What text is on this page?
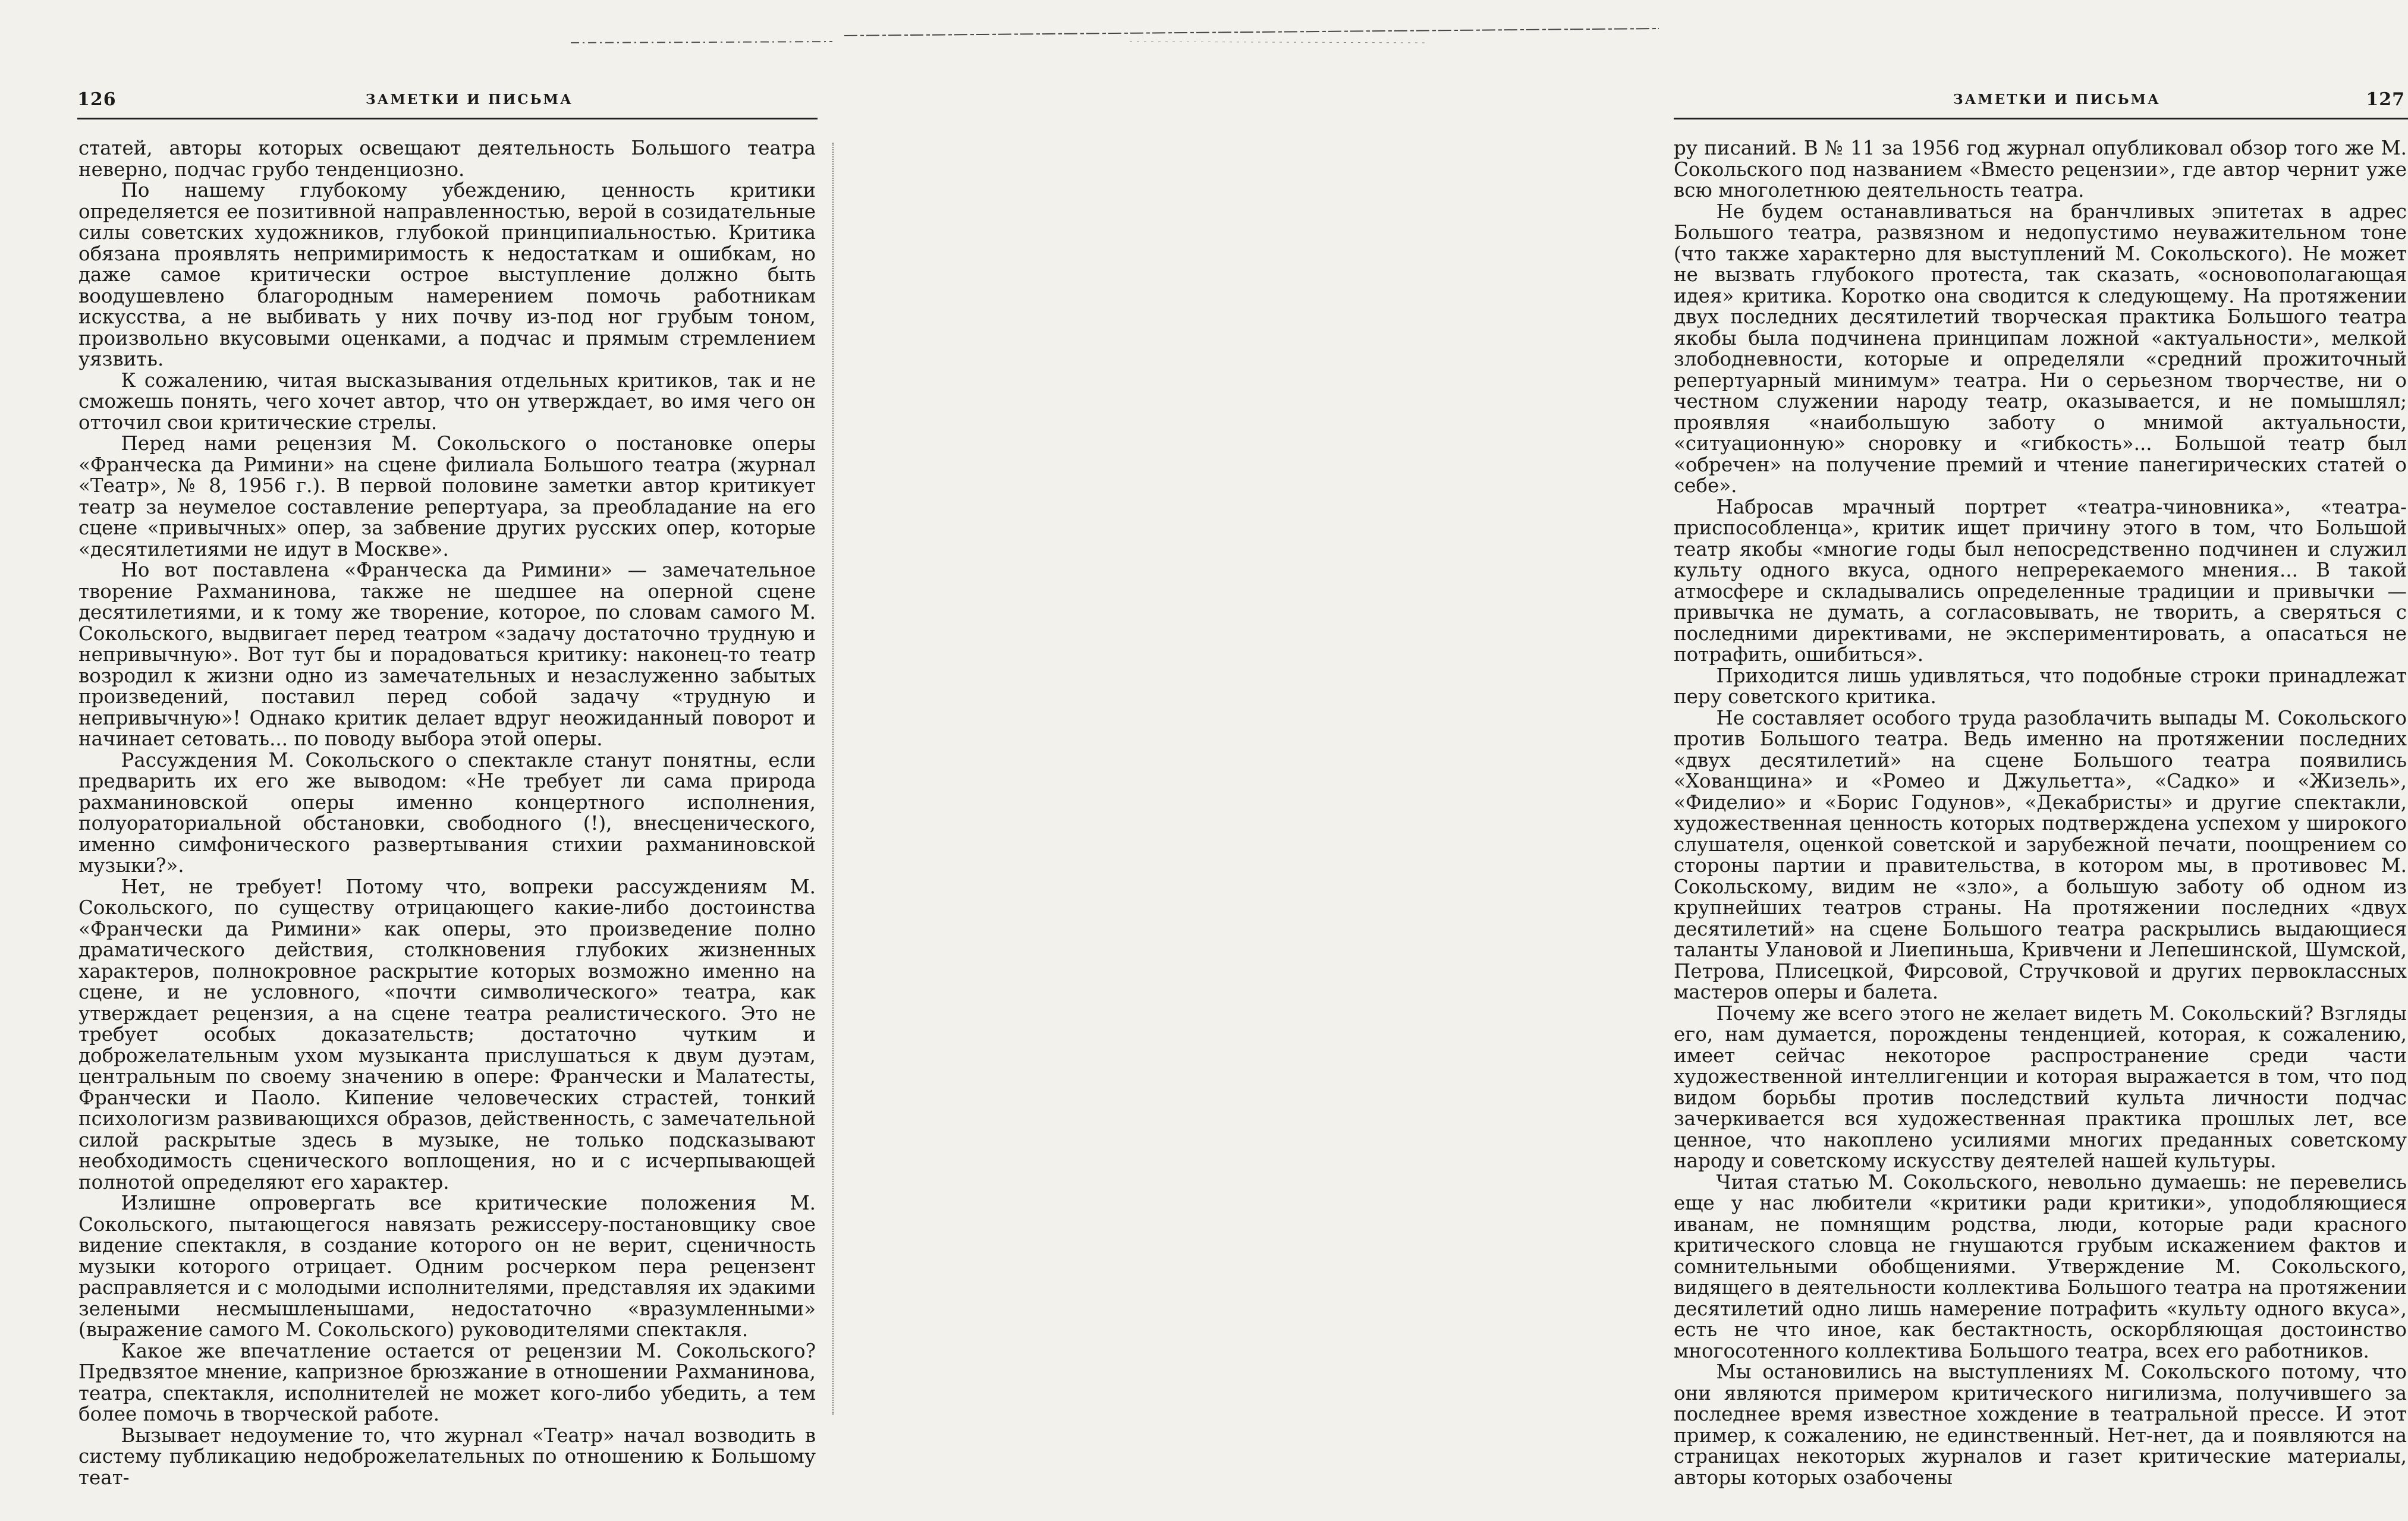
126	ЗАМЕТКИ И ПИСЬМА

статей, авторы которых освещают деятельность Большого театра неверно, подчас грубо тенденциозно.

По нашему глубокому убеждению, ценность критики определяется ее позитивной направленностью, верой в созидательные силы советских художников, глубокой принципиальностью. Критика обязана проявлять непримиримость к недостаткам и ошибкам, но даже самое критически острое выступление должно быть воодушевлено благородным намерением помочь работникам искусства, а не выбивать у них почву из-под ног грубым тоном, произвольно вкусовыми оценками, а подчас и прямым стремлением уязвить.

К сожалению, читая высказывания отдельных критиков, так и не сможешь понять, чего хочет автор, что он утверждает, во имя чего он отточил свои критические стрелы.

Перед нами рецензия М. Сокольского о постановке оперы «Франческа да Римини» на сцене филиала Большого театра (журнал «Театр», № 8, 1956 г.). В первой половине заметки автор критикует театр за неумелое составление репертуара, за преобладание на его сцене «привычных» опер, за забвение других русских опер, которые «десятилетиями не идут в Москве».

Но вот поставлена «Франческа да Римини» — замечательное творение Рахманинова, также не шедшее на оперной сцене десятилетиями, и к тому же творение, которое, по словам самого М. Сокольского, выдвигает перед театром «задачу достаточно трудную и непривычную». Вот тут бы и порадоваться критику: наконец-то театр возродил к жизни одно из замечательных и незаслуженно забытых произведений, поставил перед собой задачу «трудную и непривычную»! Однако критик делает вдруг неожиданный поворот и начинает сетовать... по поводу выбора этой оперы.

Рассуждения М. Сокольского о спектакле станут понятны, если предварить их его же выводом: «Не требует ли сама природа рахманиновской оперы именно концертного исполнения, полуораториальной обстановки, свободного (!), внесценического, именно симфонического развертывания стихии рахманиновской музыки?».

Нет, не требует! Потому что, вопреки рассуждениям М. Сокольского, по существу отрицающего какие-либо достоинства «Франчески да Римини» как оперы, это произведение полно драматического действия, столкновения глубоких жизненных характеров, полнокровное раскрытие которых возможно именно на сцене, и не условного, «почти символического» театра, как утверждает рецензия, а на сцене театра реалистического. Это не требует особых доказательств; достаточно чутким и доброжелательным ухом музыканта прислушаться к двум дуэтам, центральным по своему значению в опере: Франчески и Малатесты, Франчески и Паоло. Кипение человеческих страстей, тонкий психологизм развивающихся образов, действенность, с замечательной силой раскрытые здесь в музыке, не только подсказывают необходимость сценического воплощения, но и с исчерпывающей полнотой определяют его характер.

Излишне опровергать все критические положения М. Сокольского, пытающегося навязать режиссеру-постановщику свое видение спектакля, в создание которого он не верит, сценичность музыки которого отрицает. Одним росчерком пера рецензент расправляется и с молодыми исполнителями, представляя их эдакими зелеными несмышленышами, недостаточно «вразумленными» (выражение самого М. Сокольского) руководителями спектакля.

Какое же впечатление остается от рецензии М. Сокольского? Предвзятое мнение, капризное брюзжание в отношении Рахманинова, театра, спектакля, исполнителей не может кого-либо убедить, а тем более помочь в творческой работе.

Вызывает недоумение то, что журнал «Театр» начал возводить в систему публикацию недоброжелательных по отношению к Большому теат-

ЗАМЕТКИ И ПИСЬМА	127

ру писаний. В № 11 за 1956 год журнал опубликовал обзор того же М. Сокольского под названием «Вместо рецензии», где автор чернит уже всю многолетнюю деятельность театра.

Не будем останавливаться на бранчливых эпитетах в адрес Большого театра, развязном и недопустимо неуважительном тоне (что также характерно для выступлений М. Сокольского). Не может не вызвать глубокого протеста, так сказать, «основополагающая идея» критика. Коротко она сводится к следующему. На протяжении двух последних десятилетий творческая практика Большого театра якобы была подчинена принципам ложной «актуальности», мелкой злободневности, которые и определяли «средний прожиточный репертуарный минимум» театра. Ни о серьезном творчестве, ни о честном служении народу театр, оказывается, и не помышлял; проявляя «наибольшую заботу о мнимой актуальности, «ситуационную» сноровку и «гибкость»... Большой театр был «обречен» на получение премий и чтение панегирических статей о себе».

Набросав мрачный портрет «театра-чиновника», «театра-приспособленца», критик ищет причину этого в том, что Большой театр якобы «многие годы был непосредственно подчинен и служил культу одного вкуса, одного непререкаемого мнения... В такой атмосфере и складывались определенные традиции и привычки — привычка не думать, а согласовывать, не творить, а сверяться с последними директивами, не экспериментировать, а опасаться не потрафить, ошибиться».

Приходится лишь удивляться, что подобные строки принадлежат перу советского критика.

Не составляет особого труда разоблачить выпады М. Сокольского против Большого театра. Ведь именно на протяжении последних «двух десятилетий» на сцене Большого театра появились «Хованщина» и «Ромео и Джульетта», «Садко» и «Жизель», «Фиделио» и «Борис Годунов», «Декабристы» и другие спектакли, художественная ценность которых подтверждена успехом у широкого слушателя, оценкой советской и зарубежной печати, поощрением со стороны партии и правительства, в котором мы, в противовес М. Сокольскому, видим не «зло», а большую заботу об одном из крупнейших театров страны. На протяжении последних «двух десятилетий» на сцене Большого театра раскрылись выдающиеся таланты Улановой и Лиепиньша, Кривчени и Лепешинской, Шумской, Петрова, Плисецкой, Фирсовой, Стручковой и других первоклассных мастеров оперы и балета.

Почему же всего этого не желает видеть М. Сокольский? Взгляды его, нам думается, порождены тенденцией, которая, к сожалению, имеет сейчас некоторое распространение среди части художественной интеллигенции и которая выражается в том, что под видом борьбы против последствий культа личности подчас зачеркивается вся художественная практика прошлых лет, все ценное, что накоплено усилиями многих преданных советскому народу и советскому искусству деятелей нашей культуры.

Читая статью М. Сокольского, невольно думаешь: не перевелись еще у нас любители «критики ради критики», уподобляющиеся иванам, не помнящим родства, люди, которые ради красного критического словца не гнушаются грубым искажением фактов и сомнительными обобщениями. Утверждение М. Сокольского, видящего в деятельности коллектива Большого театра на протяжении десятилетий одно лишь намерение потрафить «культу одного вкуса», есть не что иное, как бестактность, оскорбляющая достоинство многосотенного коллектива Большого театра, всех его работников.

Мы остановились на выступлениях М. Сокольского потому, что они являются примером критического нигилизма, получившего за последнее время известное хождение в театральной прессе. И этот пример, к сожалению, не единственный. Нет-нет, да и появляются на страницах некоторых журналов и газет критические материалы, авторы которых озабочены
